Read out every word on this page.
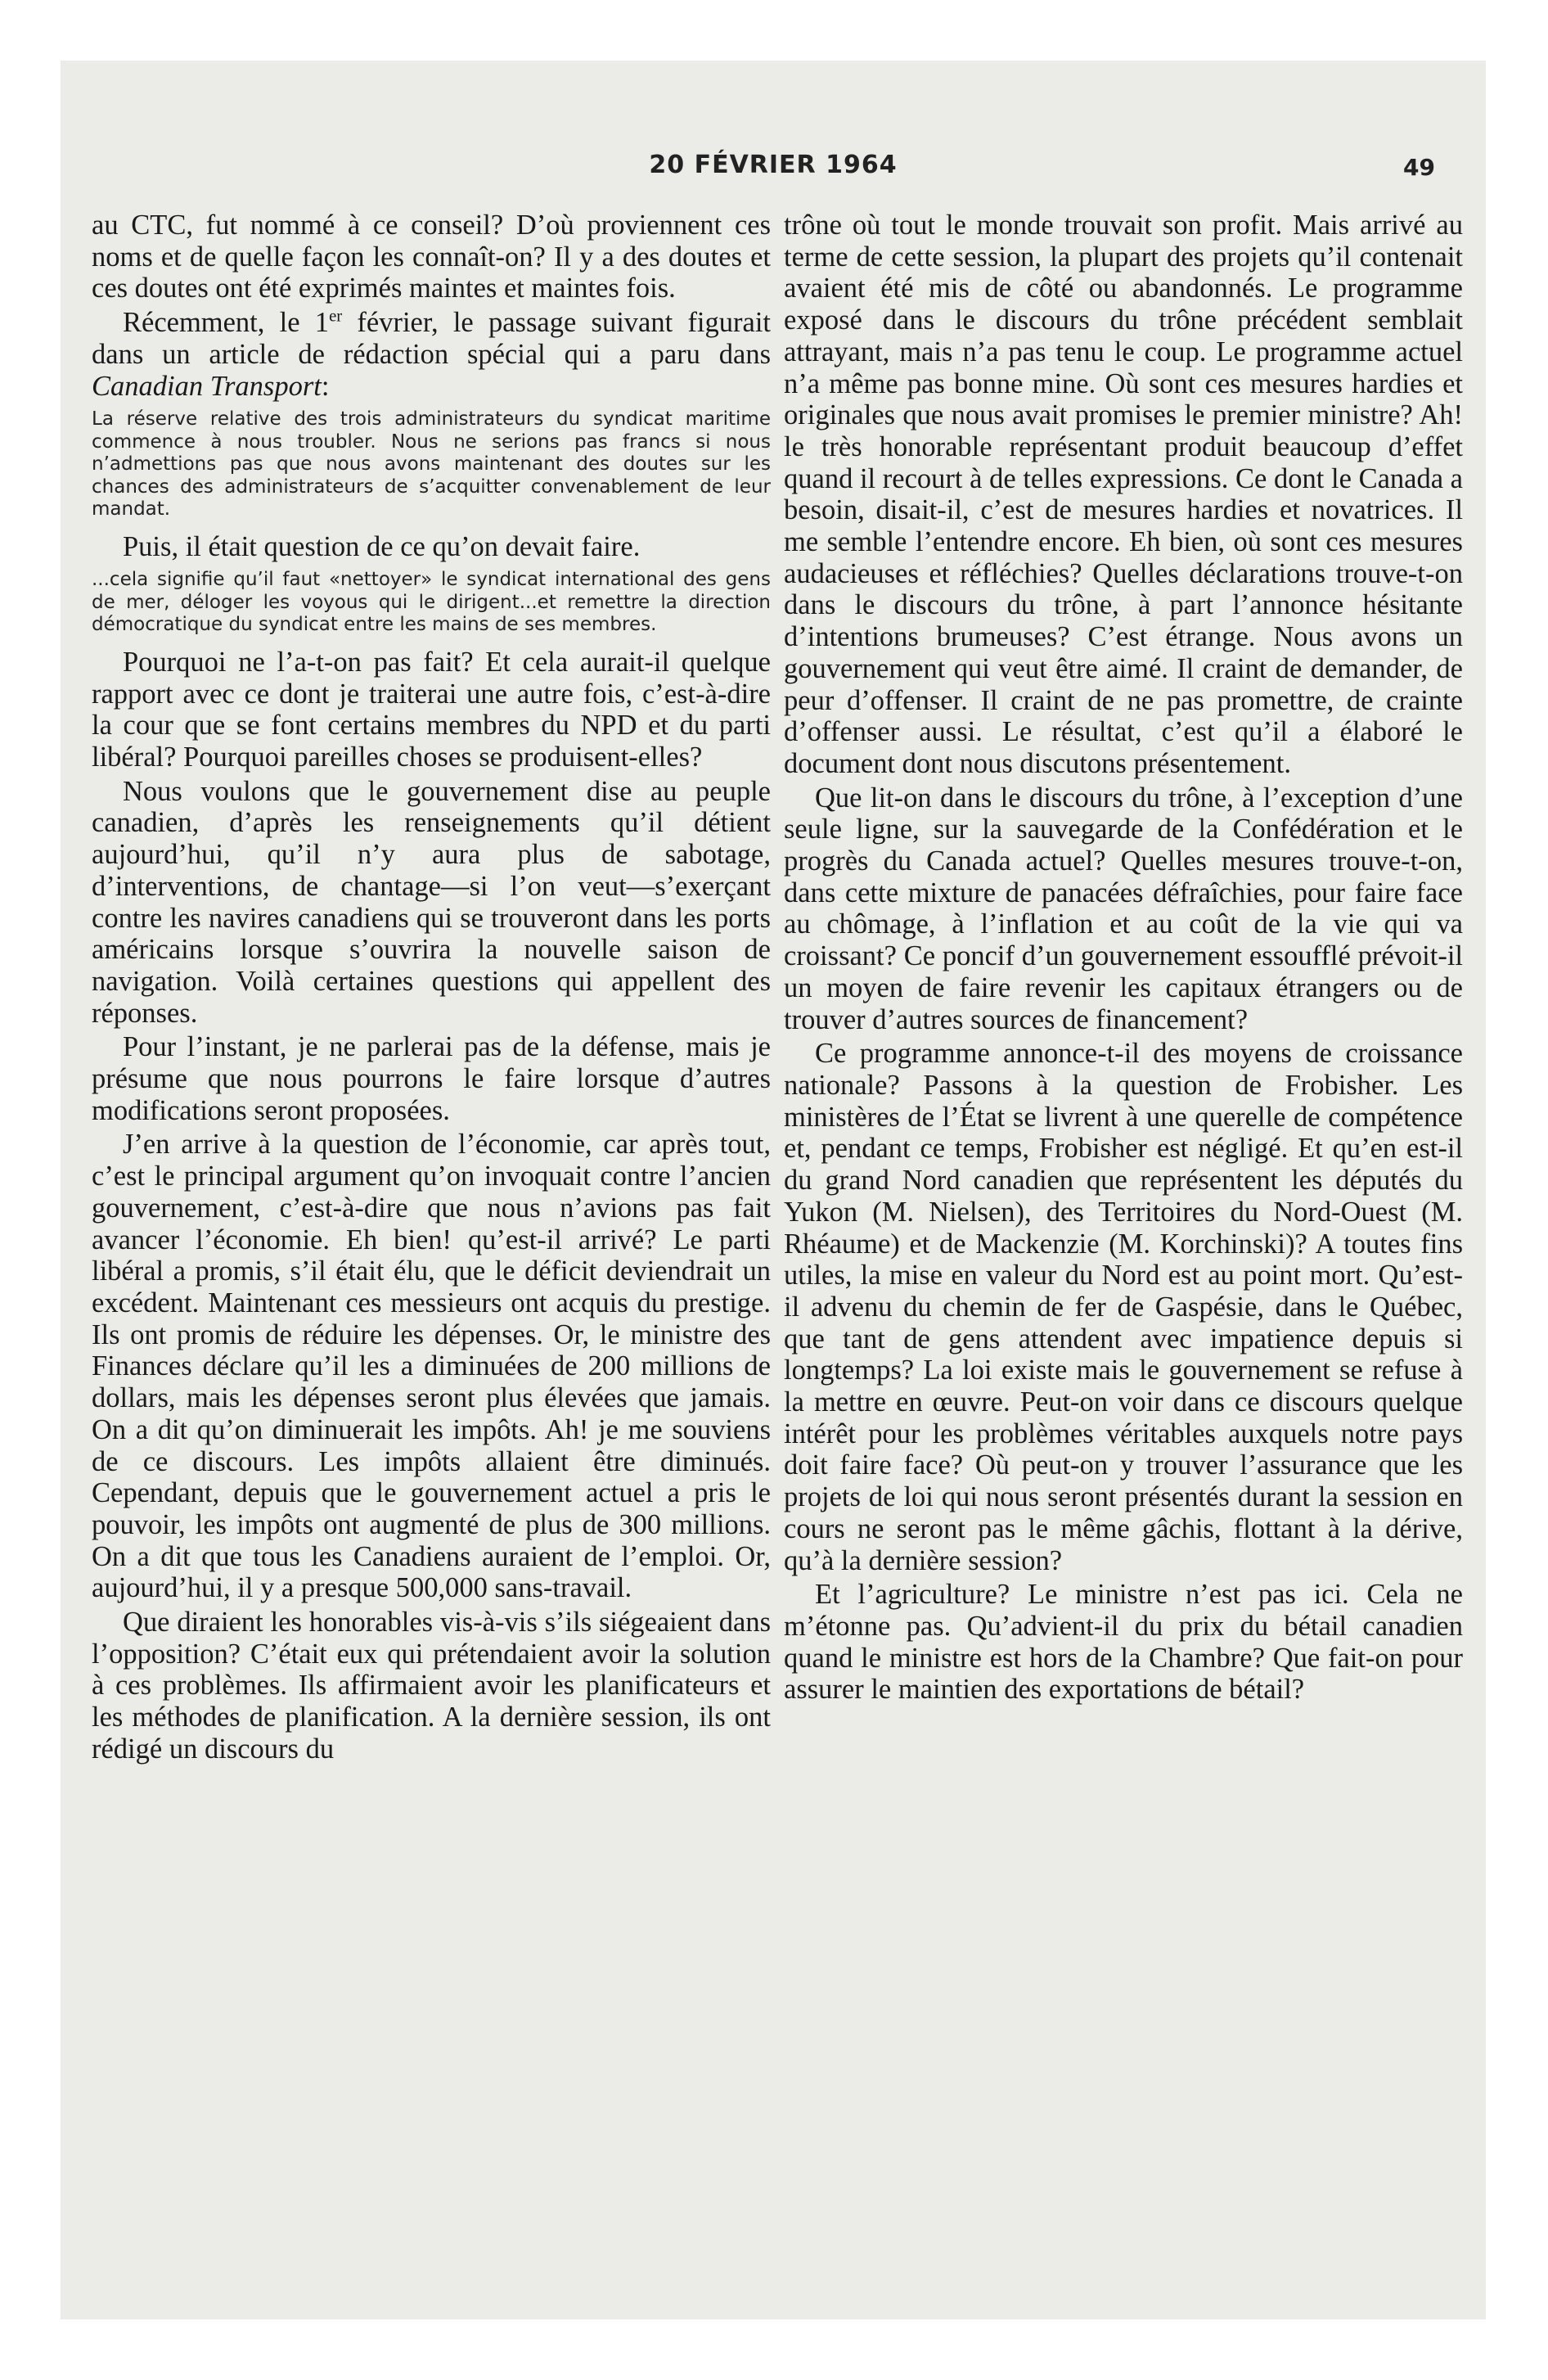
20 FÉVRIER 1964	49

au CTC, fut nommé à ce conseil? D’où proviennent ces noms et de quelle façon les connaît-on? Il y a des doutes et ces doutes ont été exprimés maintes et maintes fois.

Récemment, le 1er février, le passage suivant figurait dans un article de rédaction spécial qui a paru dans Canadian Transport:

La réserve relative des trois administrateurs du syndicat maritime commence à nous troubler. Nous ne serions pas francs si nous n’admettions pas que nous avons maintenant des doutes sur les chances des administrateurs de s’acquitter convenablement de leur mandat.

Puis, il était question de ce qu’on devait faire.

...cela signifie qu’il faut «nettoyer» le syndicat international des gens de mer, déloger les voyous qui le dirigent...et remettre la direction démocratique du syndicat entre les mains de ses membres.

Pourquoi ne l’a-t-on pas fait? Et cela aurait-il quelque rapport avec ce dont je traiterai une autre fois, c’est-à-dire la cour que se font certains membres du NPD et du parti libéral? Pourquoi pareilles choses se produisent-elles?

Nous voulons que le gouvernement dise au peuple canadien, d’après les renseignements qu’il détient aujourd’hui, qu’il n’y aura plus de sabotage, d’interventions, de chantage—si l’on veut—s’exerçant contre les navires canadiens qui se trouveront dans les ports américains lorsque s’ouvrira la nouvelle saison de navigation. Voilà certaines questions qui appellent des réponses.

Pour l’instant, je ne parlerai pas de la défense, mais je présume que nous pourrons le faire lorsque d’autres modifications seront proposées.

J’en arrive à la question de l’économie, car après tout, c’est le principal argument qu’on invoquait contre l’ancien gouvernement, c’est-à-dire que nous n’avions pas fait avancer l’économie. Eh bien! qu’est-il arrivé? Le parti libéral a promis, s’il était élu, que le déficit deviendrait un excédent. Maintenant ces messieurs ont acquis du prestige. Ils ont promis de réduire les dépenses. Or, le ministre des Finances déclare qu’il les a diminuées de 200 millions de dollars, mais les dépenses seront plus élevées que jamais. On a dit qu’on diminuerait les impôts. Ah! je me souviens de ce discours. Les impôts allaient être diminués. Cependant, depuis que le gouvernement actuel a pris le pouvoir, les impôts ont augmenté de plus de 300 millions. On a dit que tous les Canadiens auraient de l’emploi. Or, aujourd’hui, il y a presque 500,000 sans-travail.

Que diraient les honorables vis-à-vis s’ils siégeaient dans l’opposition? C’était eux qui prétendaient avoir la solution à ces problèmes. Ils affirmaient avoir les planificateurs et les méthodes de planification. A la dernière session, ils ont rédigé un discours du

trône où tout le monde trouvait son profit. Mais arrivé au terme de cette session, la plupart des projets qu’il contenait avaient été mis de côté ou abandonnés. Le programme exposé dans le discours du trône précédent semblait attrayant, mais n’a pas tenu le coup. Le programme actuel n’a même pas bonne mine. Où sont ces mesures hardies et originales que nous avait promises le premier ministre? Ah! le très honorable représentant produit beaucoup d’effet quand il recourt à de telles expressions. Ce dont le Canada a besoin, disait-il, c’est de mesures hardies et novatrices. Il me semble l’entendre encore. Eh bien, où sont ces mesures audacieuses et réfléchies? Quelles déclarations trouve-t-on dans le discours du trône, à part l’annonce hésitante d’intentions brumeuses? C’est étrange. Nous avons un gouvernement qui veut être aimé. Il craint de demander, de peur d’offenser. Il craint de ne pas promettre, de crainte d’offenser aussi. Le résultat, c’est qu’il a élaboré le document dont nous discutons présentement.

Que lit-on dans le discours du trône, à l’exception d’une seule ligne, sur la sauvegarde de la Confédération et le progrès du Canada actuel? Quelles mesures trouve-t-on, dans cette mixture de panacées défraîchies, pour faire face au chômage, à l’inflation et au coût de la vie qui va croissant? Ce poncif d’un gouvernement essoufflé prévoit-il un moyen de faire revenir les capitaux étrangers ou de trouver d’autres sources de financement?

Ce programme annonce-t-il des moyens de croissance nationale? Passons à la question de Frobisher. Les ministères de l’État se livrent à une querelle de compétence et, pendant ce temps, Frobisher est négligé. Et qu’en est-il du grand Nord canadien que représentent les députés du Yukon (M. Nielsen), des Territoires du Nord-Ouest (M. Rhéaume) et de Mackenzie (M. Korchinski)? A toutes fins utiles, la mise en valeur du Nord est au point mort. Qu’est-il advenu du chemin de fer de Gaspésie, dans le Québec, que tant de gens attendent avec impatience depuis si longtemps? La loi existe mais le gouvernement se refuse à la mettre en œuvre. Peut-on voir dans ce discours quelque intérêt pour les problèmes véritables auxquels notre pays doit faire face? Où peut-on y trouver l’assurance que les projets de loi qui nous seront présentés durant la session en cours ne seront pas le même gâchis, flottant à la dérive, qu’à la dernière session?

Et l’agriculture? Le ministre n’est pas ici. Cela ne m’étonne pas. Qu’advient-il du prix du bétail canadien quand le ministre est hors de la Chambre? Que fait-on pour assurer le maintien des exportations de bétail?
